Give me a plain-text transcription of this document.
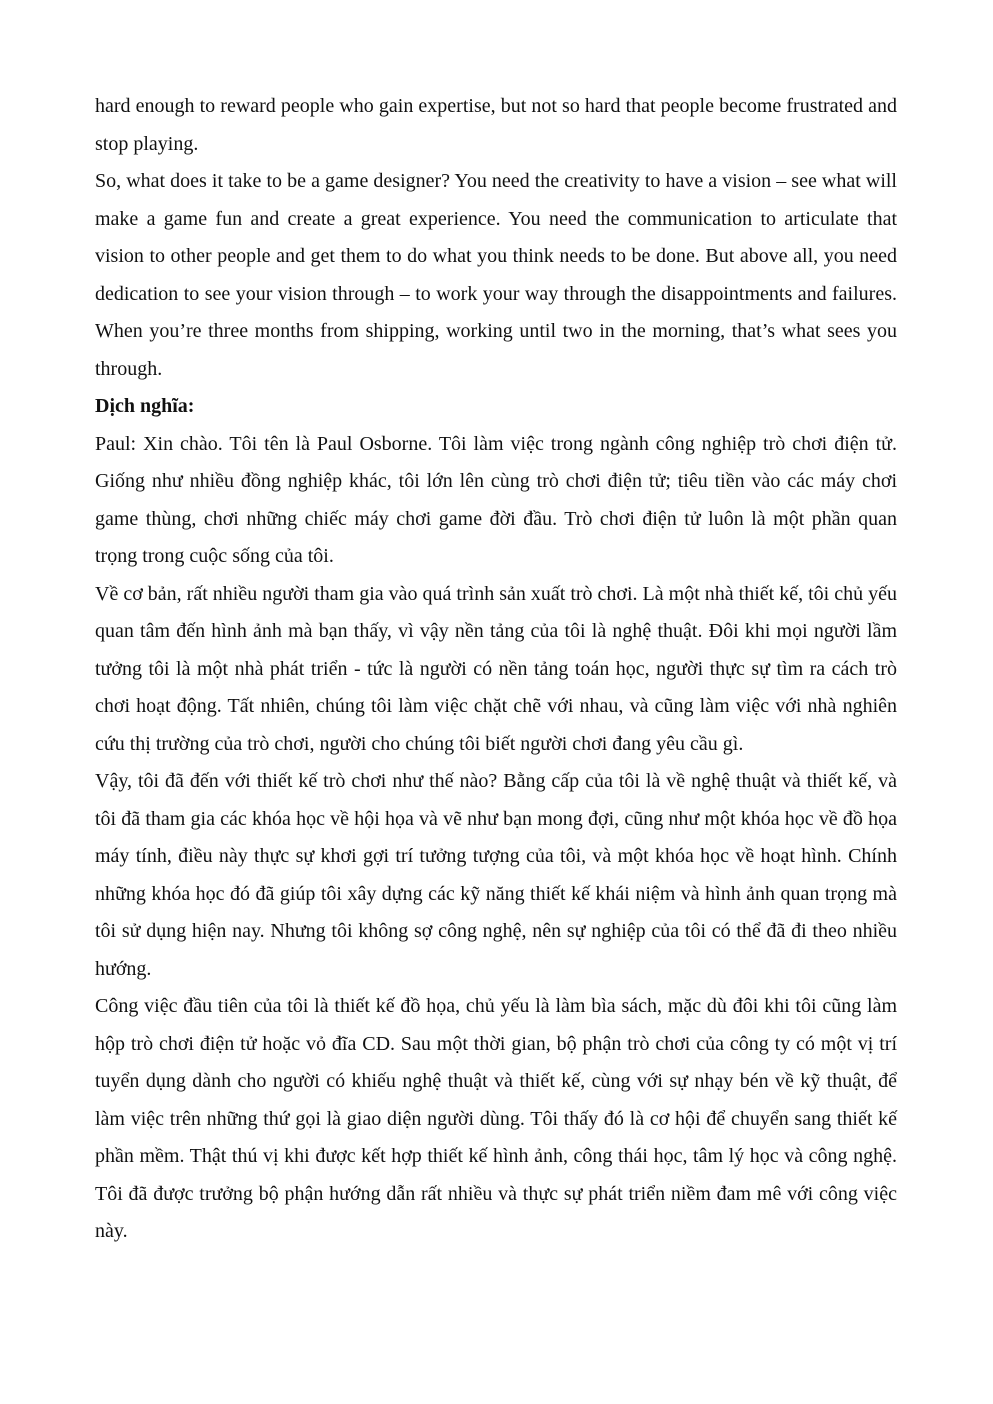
hard enough to reward people who gain expertise, but not so hard that people become frustrated and stop playing.

So, what does it take to be a game designer? You need the creativity to have a vision – see what will make a game fun and create a great experience. You need the communication to articulate that vision to other people and get them to do what you think needs to be done. But above all, you need dedication to see your vision through – to work your way through the disappointments and failures. When you’re three months from shipping, working until two in the morning, that’s what sees you through.

Dịch nghĩa:

Paul: Xin chào. Tôi tên là Paul Osborne. Tôi làm việc trong ngành công nghiệp trò chơi điện tử. Giống như nhiều đồng nghiệp khác, tôi lớn lên cùng trò chơi điện tử; tiêu tiền vào các máy chơi game thùng, chơi những chiếc máy chơi game đời đầu. Trò chơi điện tử luôn là một phần quan trọng trong cuộc sống của tôi.

Về cơ bản, rất nhiều người tham gia vào quá trình sản xuất trò chơi. Là một nhà thiết kế, tôi chủ yếu quan tâm đến hình ảnh mà bạn thấy, vì vậy nền tảng của tôi là nghệ thuật. Đôi khi mọi người lầm tưởng tôi là một nhà phát triển - tức là người có nền tảng toán học, người thực sự tìm ra cách trò chơi hoạt động. Tất nhiên, chúng tôi làm việc chặt chẽ với nhau, và cũng làm việc với nhà nghiên cứu thị trường của trò chơi, người cho chúng tôi biết người chơi đang yêu cầu gì.

Vậy, tôi đã đến với thiết kế trò chơi như thế nào? Bằng cấp của tôi là về nghệ thuật và thiết kế, và tôi đã tham gia các khóa học về hội họa và vẽ như bạn mong đợi, cũng như một khóa học về đồ họa máy tính, điều này thực sự khơi gợi trí tưởng tượng của tôi, và một khóa học về hoạt hình. Chính những khóa học đó đã giúp tôi xây dựng các kỹ năng thiết kế khái niệm và hình ảnh quan trọng mà tôi sử dụng hiện nay. Nhưng tôi không sợ công nghệ, nên sự nghiệp của tôi có thể đã đi theo nhiều hướng.

Công việc đầu tiên của tôi là thiết kế đồ họa, chủ yếu là làm bìa sách, mặc dù đôi khi tôi cũng làm hộp trò chơi điện tử hoặc vỏ đĩa CD. Sau một thời gian, bộ phận trò chơi của công ty có một vị trí tuyển dụng dành cho người có khiếu nghệ thuật và thiết kế, cùng với sự nhạy bén về kỹ thuật, để làm việc trên những thứ gọi là giao diện người dùng. Tôi thấy đó là cơ hội để chuyển sang thiết kế phần mềm. Thật thú vị khi được kết hợp thiết kế hình ảnh, công thái học, tâm lý học và công nghệ. Tôi đã được trưởng bộ phận hướng dẫn rất nhiều và thực sự phát triển niềm đam mê với công việc này.
